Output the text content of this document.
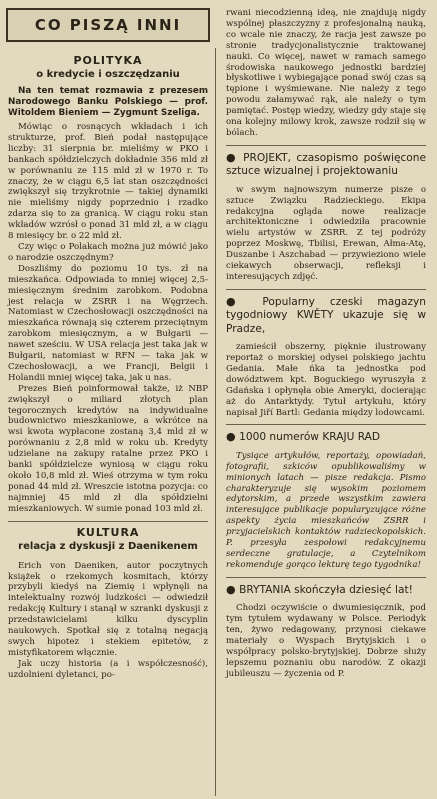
CO PISZĄ INNI
POLITYKA
o kredycie i oszczędzaniu

Na ten temat rozmawia z prezesem Narodowego Banku Polskiego — prof. Witoldem Bieniem — Zygmunt Szeliga.

Mówiąc o rosnących wkładach i ich strukturze, prof. Bień podał następujące liczby: 31 sierpnia br. mieliśmy w PKO i bankach spółdzielczych dokładnie 356 mld zł w porównaniu ze 115 mld zł w 1970 r. To znaczy, że w ciągu 6,5 lat stan oszczędności zwiększył się trzykrotnie — takiej dynamiki nie mieliśmy nigdy poprzednio i rzadko zdarza się to za granicą. W ciągu roku stan wkładów wzrósł o ponad 31 mld zł, a w ciągu 8 miesięcy br. o 22 mld zł.

Czy więc o Polakach można już mówić jako o narodzie oszczędnym?

Doszliśmy do poziomu 10 tys. zł na mieszkańca. Odpowiada to mniej więcej 2,5-miesięcznym średnim zarobkom. Podobna jest relacja w ZSRR i na Węgrzech. Natomiast w Czechosłowacji oszczędności na mieszkańca równają się czterem przeciętnym zarobkom miesięcznym, a w Bułgarii — nawet sześciu. W USA relacja jest taka jak w Bułgarii, natomiast w RFN — taka jak w Czechosłowacji, a we Francji, Belgii i Holandii mniej więcej taka, jak u nas.

Prezes Bień poinformował także, iż NBP zwiększył o miliard złotych plan tegorocznych kredytów na indywidualne budownictwo mieszkaniowe, a wkrótce na wsi kwota wypłacone zostaną 3,4 mld zł w porównaniu z 2,8 mld w roku ub. Kredyty udzielane na zakupy ratalne przez PKO i banki spółdzielcze wyniosą w ciągu roku około 10,8 mld zł. Wieś otrzyma w tym roku ponad 44 mld zł. Wreszcie istotna pozycja: co najmniej 45 mld zł dla spółdzielni mieszkaniowych. W sumie ponad 103 mld zł.

KULTURA
relacja z dyskusji z Daenikenem

Erich von Daeniken, autor poczytnych książek o rzekomych kosmitach, którzy przybyli kiedyś na Ziemię i wpłynęli na intelektualny rozwój ludzkości — odwiedził redakcję Kultury i stanął w szranki dyskusji z przedstawicielami kilku dyscyplin naukowych. Spotkał się z totalną negacją swych hipotez i stekiem epitetów, z mistyfikatorem włącznie.

Jak uczy historia (a i współczesność), uzdolnieni dyletanci, po-

rwani niecodzienną ideą, nie znajdują nigdy wspólnej płaszczyzny z profesjonalną nauką, co wcale nie znaczy, że racja jest zawsze po stronie tradycjonalistycznie traktowanej nauki. Co więcej, nawet w ramach samego środowiska naukowego jednostki bardziej błyskotliwe i wybiegające ponad swój czas są tępione i wyśmiewane. Nie należy z tego powodu załamywać rąk, ale należy o tym pamiętać. Postęp wiedzy, wiedzy gdy staje się ona kolejny milowy krok, zawsze rodził się w bólach.

● PROJEKT, czasopismo poświęcone sztuce wizualnej i projektowaniu

w swym najnowszym numerze pisze o sztuce Związku Radzieckiego. Ekipa redakcyjna ogląda nowe realizacje architektoniczne i odwiedziła pracownie wielu artystów w ZSRR. Z tej podróży poprzez Moskwę, Tbilisi, Erewan, Ałma-Atę, Duszanbe i Aszchabad — przywieziono wiele ciekawych obserwacji, refleksji i interesujących zdjęć.

● Popularny czeski magazyn tygodniowy KWĚTY ukazuje się w Pradze,

zamieścił obszerny, pięknie ilustrowany reportaż o morskiej odysei polskiego jachtu Gedania. Małe ńka ta jednostka pod dowództwem kpt. Boguckiego wyruszyła z Gdańska i opłynęła obie Ameryki, docierając aż do Antarktydy. Tytuł artykułu, który napisał Jiří Bartl: Gedania między lodowcami.

● 1000 numerów KRAJU RAD

Tysiące artykułów, reportaży, opowiadań, fotografii, szkiców opublikowaliśmy w minionych latach — pisze redakcja. Pismo charakteryzuje się wysokim poziomem edytorskim, a przede wszystkim zawiera interesujące publikacje popularyzujące różne aspekty życia mieszkańców ZSRR i przyjacielskich kontaktów radzieckopolskich. P. przesyła zespołowi redakcyjnemu serdeczne gratulacje, a Czytelnikom rekomenduje gorąco lekturę tego tygodnika!

● BRYTANIA skończyła dziesięć lat!

Chodzi oczywiście o dwumiesięcznik, pod tym tytułem wydawany w Polsce. Periodyk ten, żywo redagowany, przynosi ciekawe materiały o Wyspach Brytyjskich i o współpracy polsko-brytyjskiej. Dobrze służy lepszemu poznaniu obu narodów. Z okazji jubileuszu — życzenia od P.
